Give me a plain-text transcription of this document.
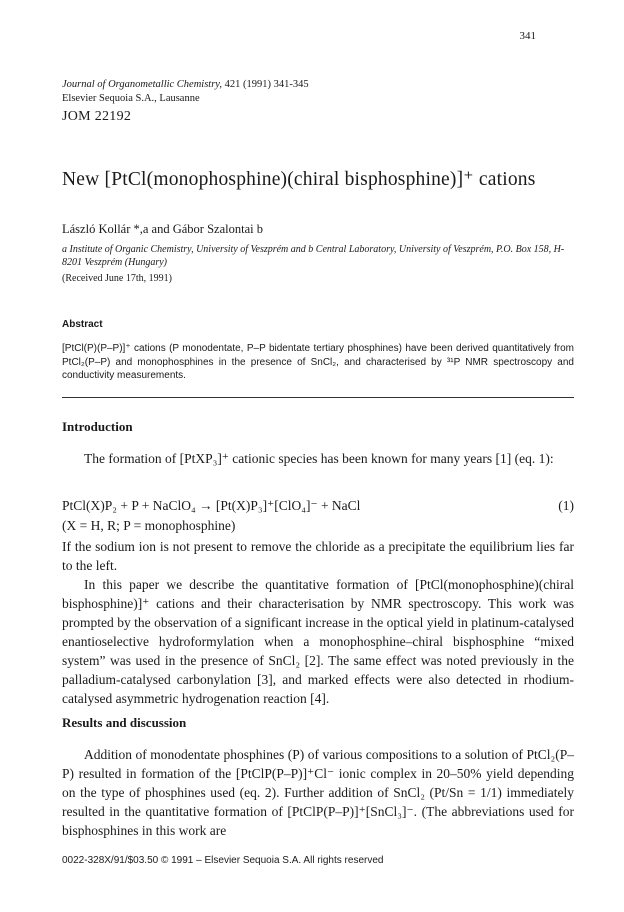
341
Journal of Organometallic Chemistry, 421 (1991) 341-345
Elsevier Sequoia S.A., Lausanne
JOM 22192
New [PtCl(monophosphine)(chiral bisphosphine)]⁺ cations
László Kollár *,a and Gábor Szalontai b
a Institute of Organic Chemistry, University of Veszprém and b Central Laboratory, University of Veszprém, P.O. Box 158, H-8201 Veszprém (Hungary)
(Received June 17th, 1991)
Abstract
[PtCl(P)(P–P)]⁺ cations (P monodentate, P–P bidentate tertiary phosphines) have been derived quantitatively from PtCl₂(P–P) and monophosphines in the presence of SnCl₂, and characterised by ³¹P NMR spectroscopy and conductivity measurements.
Introduction

The formation of [PtXP₃]⁺ cationic species has been known for many years [1] (eq. 1):

PtCl(X)P₂ + P + NaClO₄ → [Pt(X)P₃]⁺[ClO₄]⁻ + NaCl	(1)
(X = H, R; P = monophosphine)

If the sodium ion is not present to remove the chloride as a precipitate the equilibrium lies far to the left.

In this paper we describe the quantitative formation of [PtCl(monophosphine)(chiral bisphosphine)]⁺ cations and their characterisation by NMR spectroscopy. This work was prompted by the observation of a significant increase in the optical yield in platinum-catalysed enantioselective hydroformylation when a monophosphine–chiral bisphosphine “mixed system” was used in the presence of SnCl₂ [2]. The same effect was noted previously in the palladium-catalysed carbonylation [3], and marked effects were also detected in rhodium-catalysed asymmetric hydrogenation reaction [4].

Results and discussion

Addition of monodentate phosphines (P) of various compositions to a solution of PtCl₂(P–P) resulted in formation of the [PtClP(P–P)]⁺Cl⁻ ionic complex in 20–50% yield depending on the type of phosphines used (eq. 2). Further addition of SnCl₂ (Pt/Sn = 1/1) immediately resulted in the quantitative formation of [PtClP(P–P)]⁺[SnCl₃]⁻. (The abbreviations used for bisphosphines in this work are

0022-328X/91/$03.50 © 1991 – Elsevier Sequoia S.A. All rights reserved
